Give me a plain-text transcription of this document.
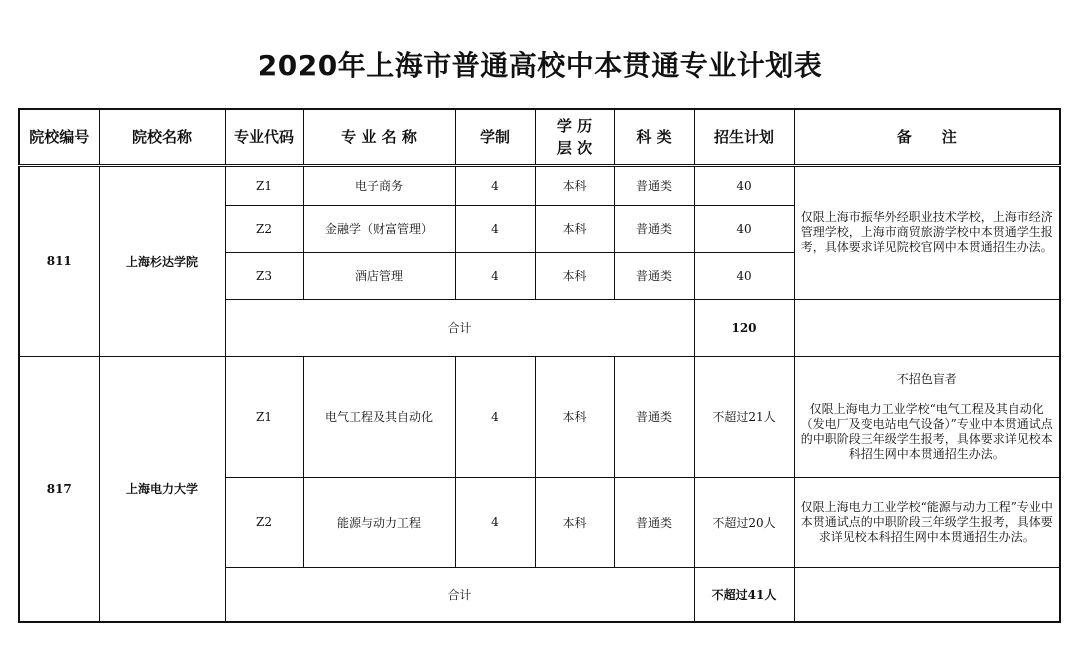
2020年上海市普通高校中本贯通专业计划表
院校编号	院校名称	专业代码	专 业 名 称	学制	学 历
层 次	科 类	招生计划	备　　注
811	上海杉达学院	Z1	电子商务	4	本科	普通类	40	仅限上海市振华外经职业技术学校，上海市经济管理学校，上海市商贸旅游学校中本贯通学生报考，具体要求详见院校官网中本贯通招生办法。
		Z2	金融学（财富管理）	4	本科	普通类	40	
		Z3	酒店管理	4	本科	普通类	40	
		合计					120	
817	上海电力大学	Z1	电气工程及其自动化	4	本科	普通类	不超过21人	不招色盲者

仅限上海电力工业学校“电气工程及其自动化（发电厂及变电站电气设备）”专业中本贯通试点的中职阶段三年级学生报考，具体要求详见校本科招生网中本贯通招生办法。

		Z2	能源与动力工程	4	本科	普通类	不超过20人	仅限上海电力工业学校“能源与动力工程”专业中本贯通试点的中职阶段三年级学生报考，具体要求详见校本科招生网中本贯通招生办法。

		合计					不超过41人	
